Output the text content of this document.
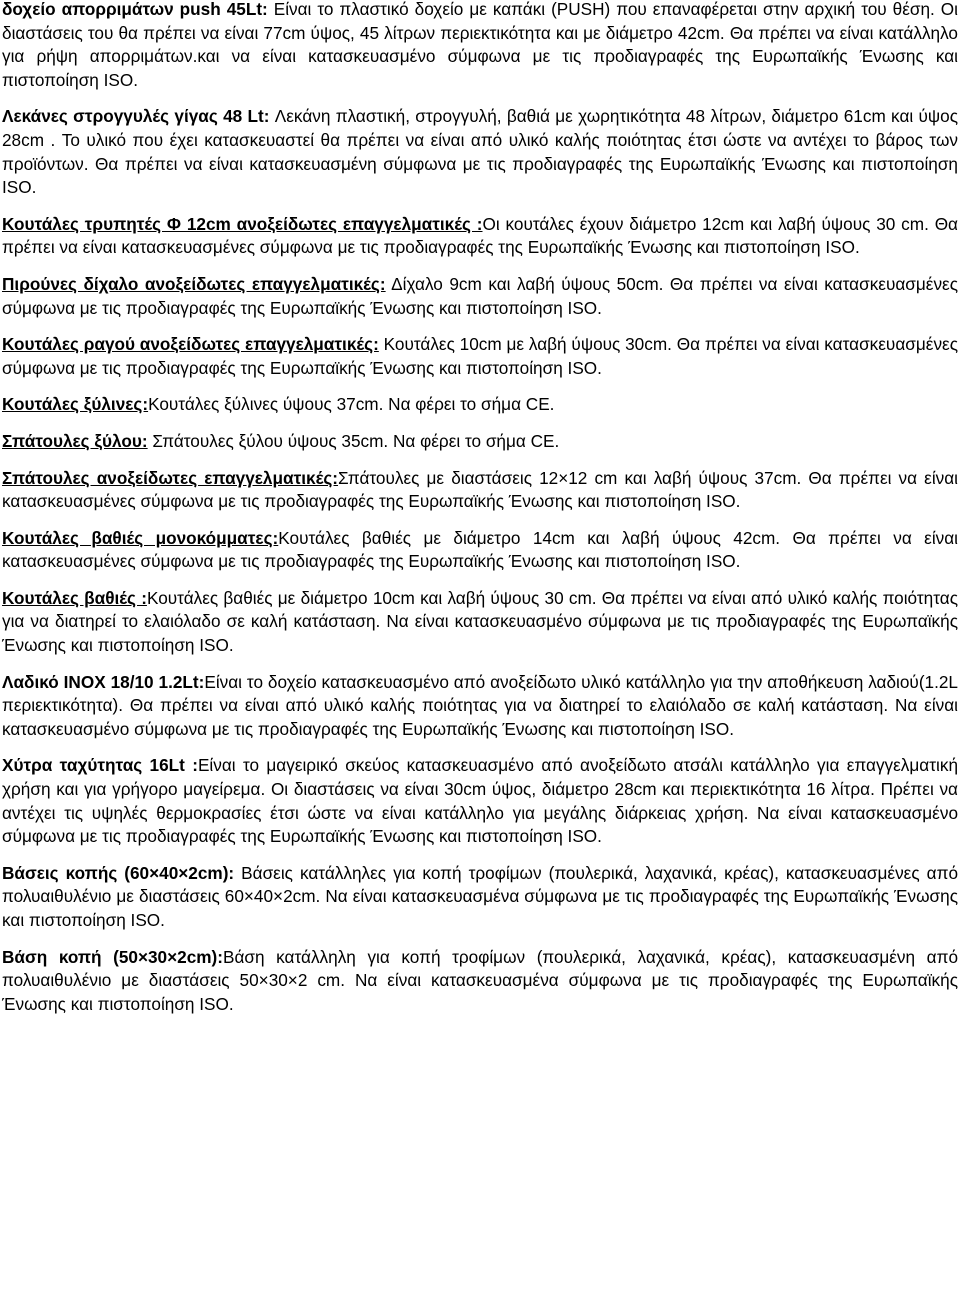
δοχείο απορριμάτων push 45Lt: Είναι το πλαστικό δοχείο με καπάκι (PUSH) που επαναφέρεται στην αρχική του θέση. Οι διαστάσεις του θα πρέπει να είναι 77cm ύψος, 45 λίτρων περιεκτικότητα και με διάμετρο 42cm. Θα πρέπει να είναι κατάλληλο για ρήψη απορριμάτων.και να είναι κατασκευασμένο σύμφωνα με τις προδιαγραφές της Ευρωπαϊκής Ένωσης και πιστοποίηση ISO.

Λεκάνες στρογγυλές γίγας 48 Lt: Λεκάνη πλαστική, στρογγυλή, βαθιά με χωρητικότητα 48 λίτρων, διάμετρο 61cm και ύψος 28cm . Το υλικό που έχει κατασκευαστεί θα πρέπει να είναι από υλικό καλής ποιότητας έτσι ώστε να αντέχει το βάρος των προϊόντων. Θα πρέπει να είναι κατασκευασμένη σύμφωνα με τις προδιαγραφές της Ευρωπαϊκής Ένωσης και πιστοποίηση ISO.

Κουτάλες τρυπητές Φ 12cm ανοξείδωτες επαγγελματικές :Οι κουτάλες έχουν διάμετρο 12cm και λαβή ύψους 30 cm. Θα πρέπει να είναι κατασκευασμένες σύμφωνα με τις προδιαγραφές της Ευρωπαϊκής Ένωσης και πιστοποίηση ISO.

Πιρούνες δίχαλο ανοξείδωτες επαγγελματικές: Δίχαλο 9cm και λαβή ύψους 50cm. Θα πρέπει να είναι κατασκευασμένες σύμφωνα με τις προδιαγραφές της Ευρωπαϊκής Ένωσης και πιστοποίηση ISO.

Κουτάλες ραγού ανοξείδωτες επαγγελματικές: Κουτάλες 10cm με λαβή ύψους 30cm. Θα πρέπει να είναι κατασκευασμένες σύμφωνα με τις προδιαγραφές της Ευρωπαϊκής Ένωσης και πιστοποίηση ISO.

Κουτάλες ξύλινες:Κουτάλες ξύλινες ύψους 37cm. Να φέρει το σήμα CE.

Σπάτουλες ξύλου: Σπάτουλες ξύλου ύψους 35cm. Να φέρει το σήμα CE.

Σπάτουλες ανοξείδωτες επαγγελματικές:Σπάτουλες με διαστάσεις 12×12 cm και λαβή ύψους 37cm. Θα πρέπει να είναι κατασκευασμένες σύμφωνα με τις προδιαγραφές της Ευρωπαϊκής Ένωσης και πιστοποίηση ISO.

Κουτάλες βαθιές μονοκόμματες:Κουτάλες βαθιές με διάμετρο 14cm και λαβή ύψους 42cm. Θα πρέπει να είναι κατασκευασμένες σύμφωνα με τις προδιαγραφές της Ευρωπαϊκής Ένωσης και πιστοποίηση ISO.

Κουτάλες βαθιές :Κουτάλες βαθιές με διάμετρο 10cm και λαβή ύψους 30 cm. Θα πρέπει να είναι από υλικό καλής ποιότητας για να διατηρεί το ελαιόλαδο σε καλή κατάσταση. Να είναι κατασκευασμένο σύμφωνα με τις προδιαγραφές της Ευρωπαϊκής Ένωσης και πιστοποίηση ISO.

Λαδικό INOX 18/10 1.2Lt:Είναι το δοχείο κατασκευασμένο από ανοξείδωτο υλικό κατάλληλο για την αποθήκευση λαδιού(1.2L περιεκτικότητα). Θα πρέπει να είναι από υλικό καλής ποιότητας για να διατηρεί το ελαιόλαδο σε καλή κατάσταση. Να είναι κατασκευασμένο σύμφωνα με τις προδιαγραφές της Ευρωπαϊκής Ένωσης και πιστοποίηση ISO.

Χύτρα ταχύτητας 16Lt :Είναι το μαγειρικό σκεύος κατασκευασμένο από ανοξείδωτο ατσάλι κατάλληλο για επαγγελματική χρήση και για γρήγορο μαγείρεμα. Οι διαστάσεις να είναι 30cm ύψος, διάμετρο 28cm και περιεκτικότητα 16 λίτρα. Πρέπει να αντέχει τις υψηλές θερμοκρασίες έτσι ώστε να είναι κατάλληλο για μεγάλης διάρκειας χρήση. Να είναι κατασκευασμένο σύμφωνα με τις προδιαγραφές της Ευρωπαϊκής Ένωσης και πιστοποίηση ISO.

Βάσεις κοπής (60×40×2cm): Βάσεις κατάλληλες για κοπή τροφίμων (πουλερικά, λαχανικά, κρέας), κατασκευασμένες από πολυαιθυλένιο με διαστάσεις 60×40×2cm. Να είναι κατασκευασμένα σύμφωνα με τις προδιαγραφές της Ευρωπαϊκής Ένωσης και πιστοποίηση ISO.

Βάση κοπή (50×30×2cm):Βάση κατάλληλη για κοπή τροφίμων (πουλερικά, λαχανικά, κρέας), κατασκευασμένη από πολυαιθυλένιο με διαστάσεις 50×30×2 cm. Να είναι κατασκευασμένα σύμφωνα με τις προδιαγραφές της Ευρωπαϊκής Ένωσης και πιστοποίηση ISO.
